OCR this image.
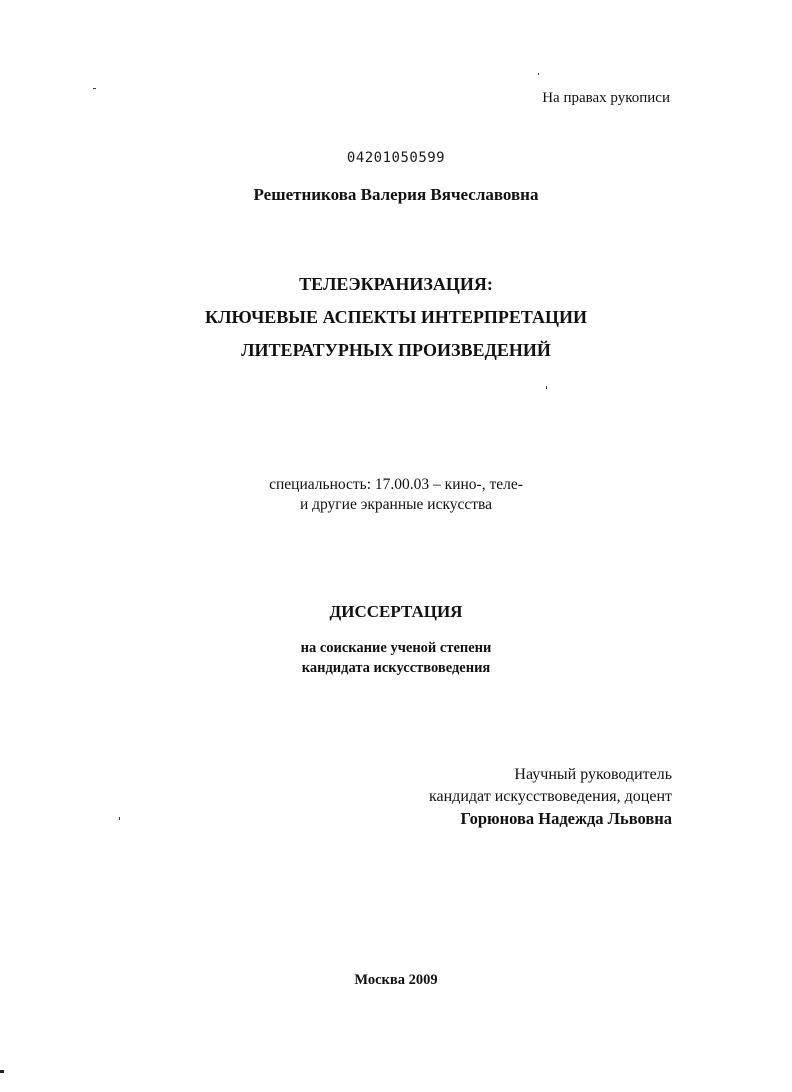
На правах рукописи
04201050599
Решетникова Валерия Вячеславовна
ТЕЛЕЭКРАНИЗАЦИЯ:
КЛЮЧЕВЫЕ АСПЕКТЫ ИНТЕРПРЕТАЦИИ
ЛИТЕРАТУРНЫХ ПРОИЗВЕДЕНИЙ
специальность: 17.00.03 – кино-, теле-
и другие экранные искусства
ДИССЕРТАЦИЯ
на соискание ученой степени
кандидата искусствоведения
Научный руководитель
кандидат искусствоведения, доцент
Горюнова Надежда Львовна
Москва 2009
